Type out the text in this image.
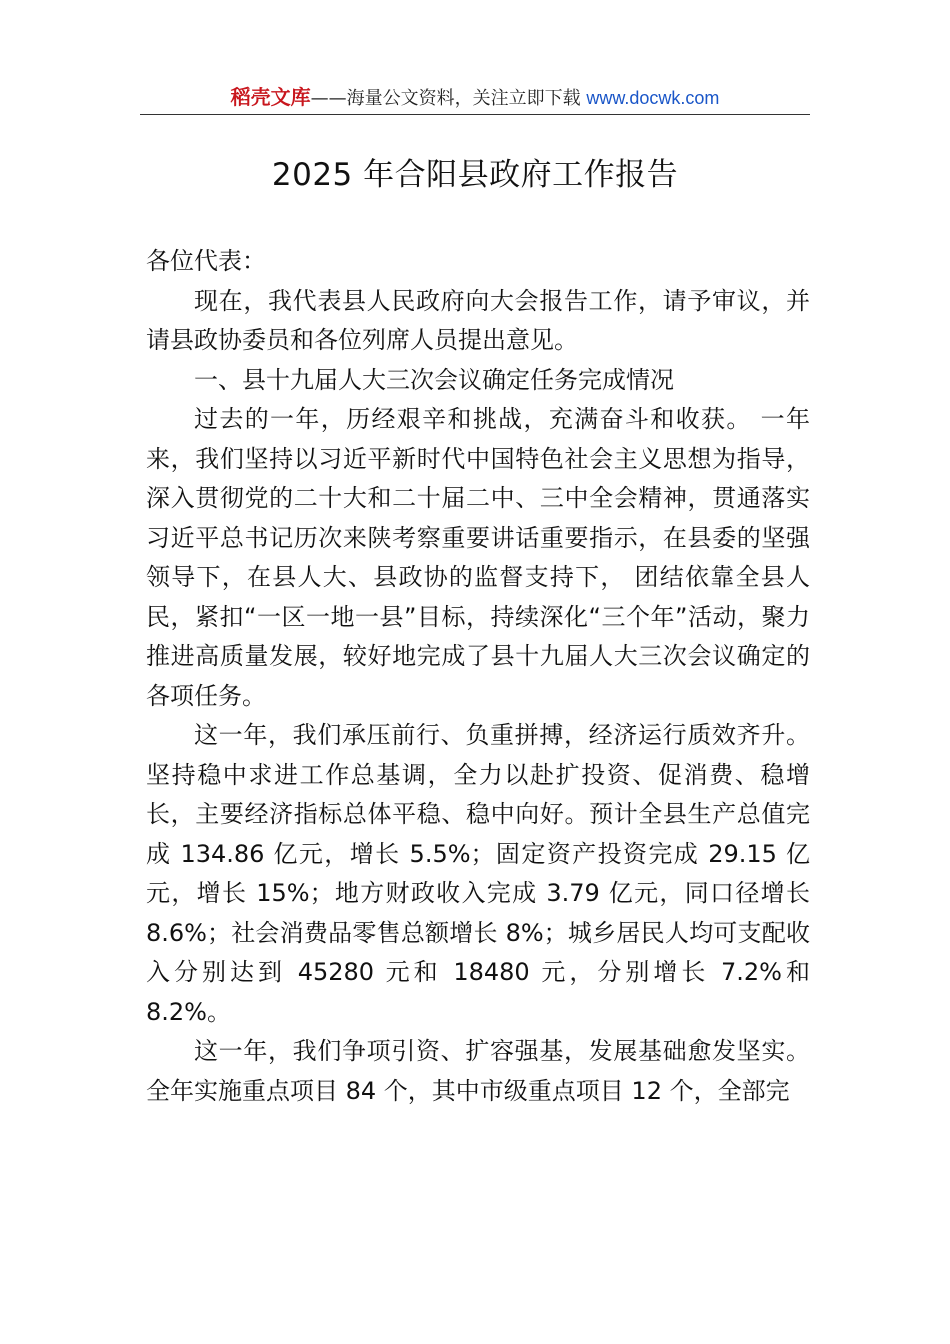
稻壳文库——海量公文资料，关注立即下载 www.docwk.com
2025 年合阳县政府工作报告

各位代表：

现在，我代表县人民政府向大会报告工作，请予审议，并请县政协委员和各位列席人员提出意见。

一、县十九届人大三次会议确定任务完成情况

过去的一年，历经艰辛和挑战，充满奋斗和收获。 一年来，我们坚持以习近平新时代中国特色社会主义思想为指导，深入贯彻党的二十大和二十届二中、三中全会精神，贯通落实习近平总书记历次来陕考察重要讲话重要指示，在县委的坚强领导下，在县人大、县政协的监督支持下， 团结依靠全县人民，紧扣“一区一地一县”目标，持续深化“三个年”活动，聚力推进高质量发展，较好地完成了县十九届人大三次会议确定的各项任务。

这一年，我们承压前行、负重拼搏，经济运行质效齐升。坚持稳中求进工作总基调，全力以赴扩投资、促消费、稳增长，主要经济指标总体平稳、稳中向好。预计全县生产总值完成 134.86 亿元，增长 5.5%；固定资产投资完成 29.15 亿元，增长 15%；地方财政收入完成 3.79 亿元，同口径增长 8.6%；社会消费品零售总额增长 8%；城乡居民人均可支配收入分别达到 45280 元和 18480 元，分别增长 7.2%和 8.2%。

这一年，我们争项引资、扩容强基，发展基础愈发坚实。全年实施重点项目 84 个，其中市级重点项目 12 个，全部完
